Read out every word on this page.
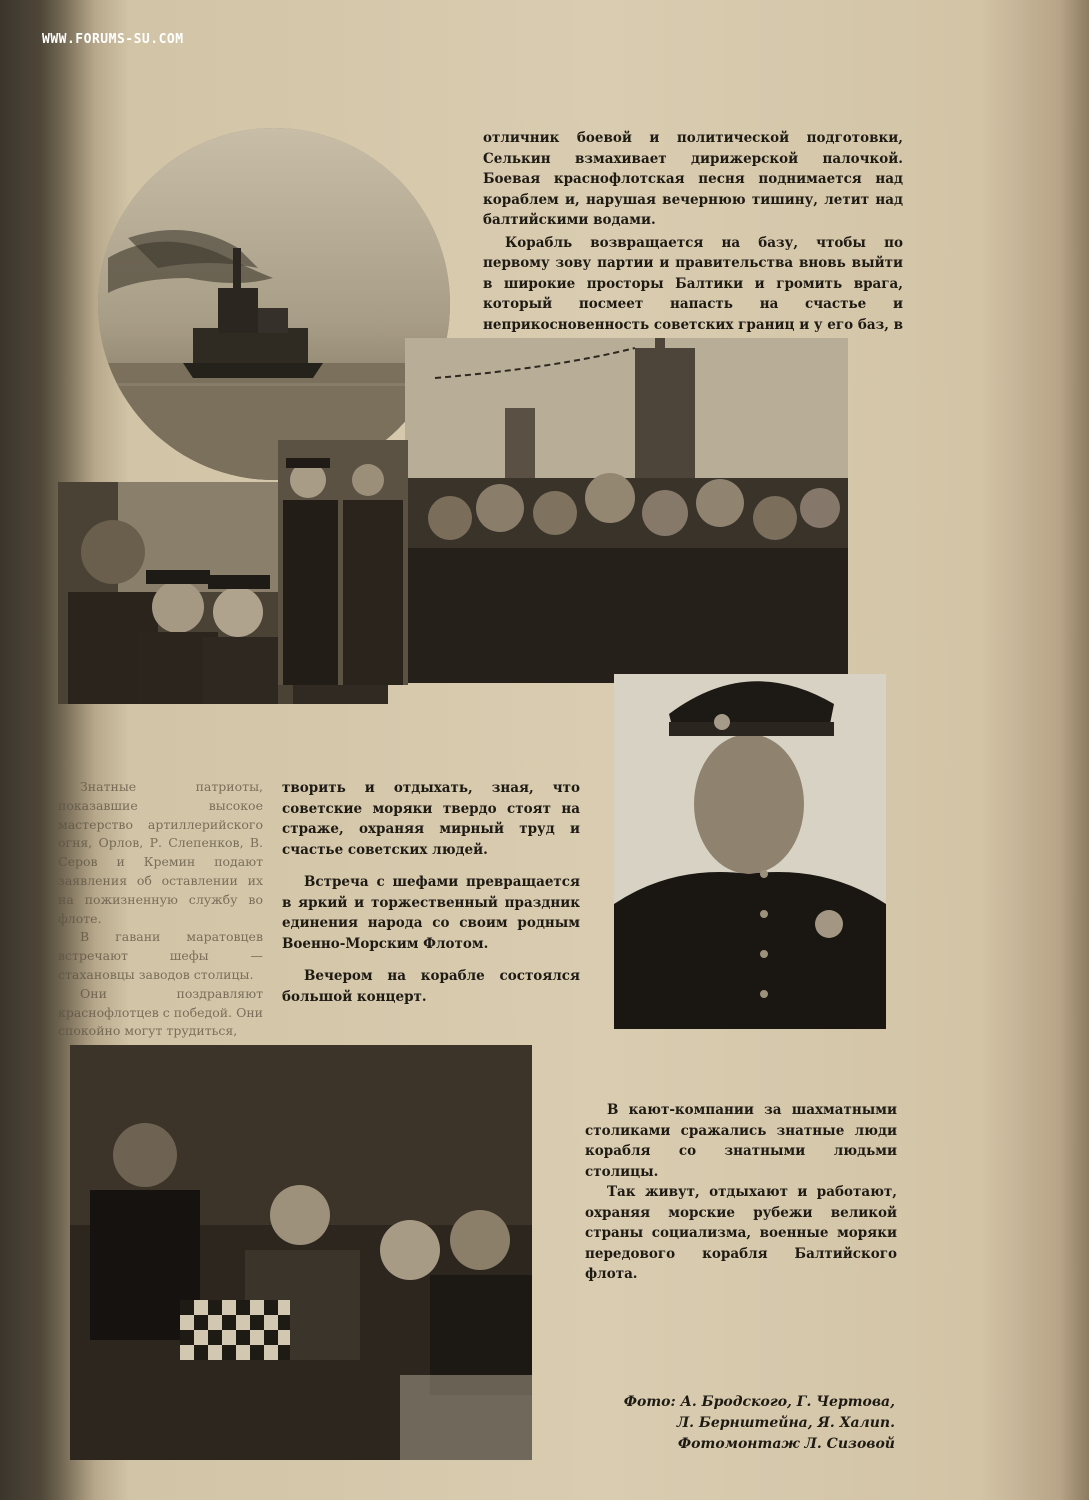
WWW.FORUMS-SU.COM

отличник боевой и политической подготовки, Селькин взмахивает дирижерской палочкой. Боевая краснофлотская песня поднимается над кораблем и, нарушая вечернюю тишину, летит над балтийскими водами.

Корабль возвращается на базу, чтобы по первому зову партии и правительства вновь выйти в широкие просторы Балтики и громить врага, который посмеет напасть на счастье и неприкосновенность советских границ и у его баз, в

Знатные патриоты, показавшие высокое мастерство артиллерийского огня, Орлов, Р. Слепенков, В. Серов и Кремин подают заявления об оставлении их на пожизненную службу во флоте.

В гавани маратовцев встречают шефы — стахановцы заводов столицы.

Они поздравляют краснофлотцев с победой. Они спокойно могут трудиться,

творить и отдыхать, зная, что советские моряки твердо стоят на страже, охраняя мирный труд и счастье советских людей.

Встреча с шефами превращается в яркий и торжественный праздник единения народа со своим родным Военно-Морским Флотом.

Вечером на корабле состоялся большой концерт.

В кают-компании за шахматными столиками сражались знатные люди корабля со знатными людьми столицы.

Так живут, отдыхают и работают, охраняя морские рубежи великой страны социализма, военные моряки передового корабля Балтийского флота.

Фото: А. Бродского, Г. Чертова,
Л. Бернштейна, Я. Халип.
Фотомонтаж Л. Сизовой
